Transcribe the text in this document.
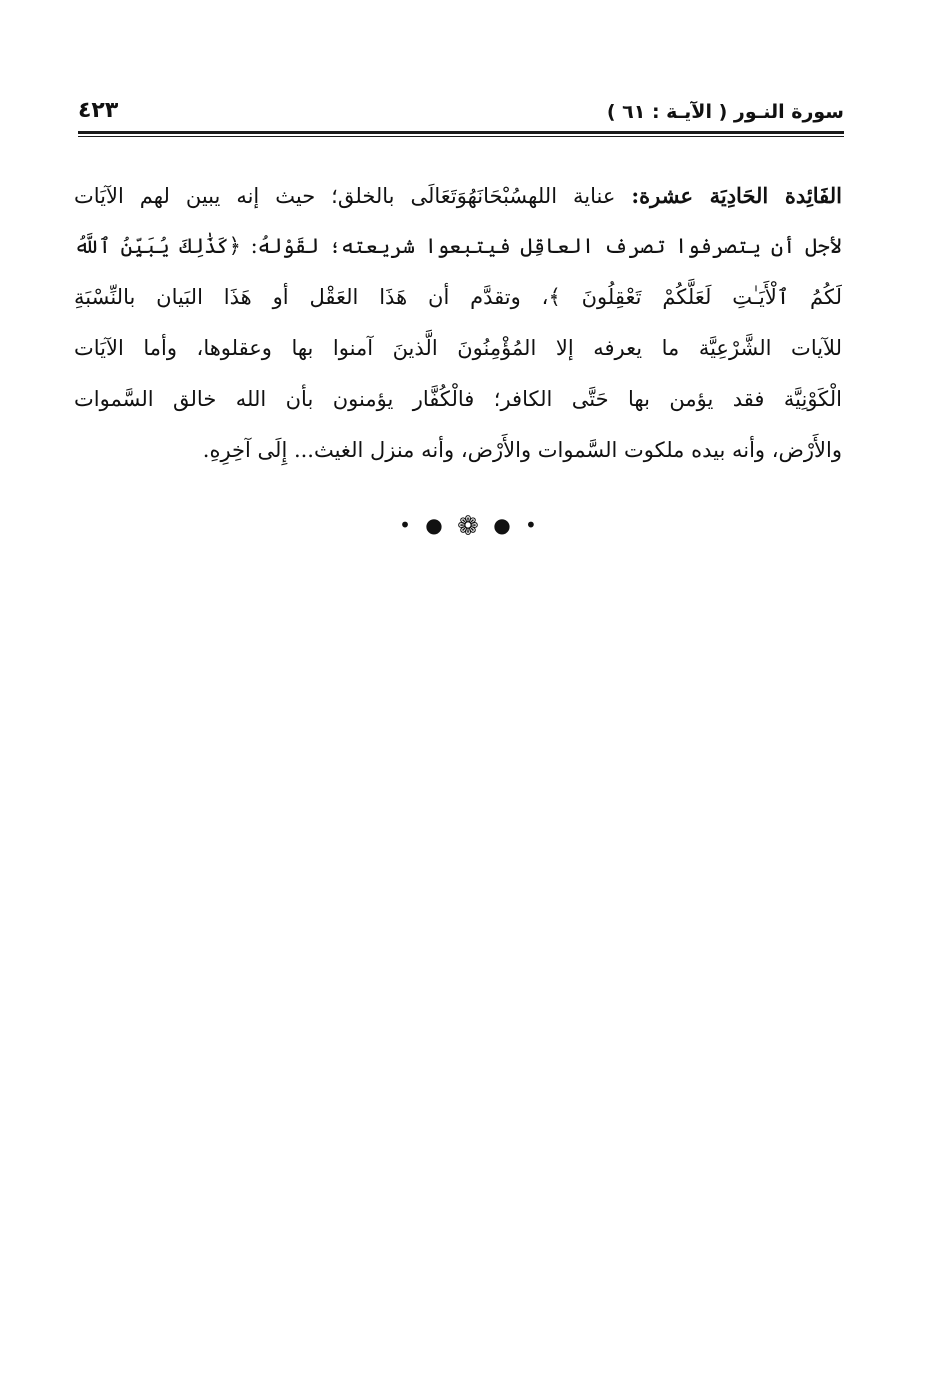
سورة النـور ( الآيـة : ٦١ )
٤٢٣
الفَائِدة الحَادِيَة عشرة: عناية اللهسُبْحَانَهُوَتَعَالَى بالخلق؛ حيث إنه يبين لهم الآيَات
لأجل أن يتصرفوا تصرف العاقِل فيتبعوا شريعته؛ لقَوْلهُ: ﴿كَذَٰلِكَ يُبَيِّنُ ٱللَّهُ
لَكُمُ ٱلْأَيَـٰتِ لَعَلَّكُمْ تَعْقِلُونَ ﴾، وتقدَّم أن هَذَا العَقْل أو هَذَا البَيان بالنِّسْبَةِ
للآيات الشَّرْعِيَّة ما يعرفه إلا المُؤْمِنُونَ الَّذينَ آمنوا بها وعقلوها، وأما الآيَات
الْكَوْنِيَّة فقد يؤمن بها حَتَّى الكافر؛ فالْكُفَّار يؤمنون بأن الله خالق السَّموات
والأَرْض، وأنه بيده ملكوت السَّموات والأَرْض، وأنه منزل الغيث... إِلَى آخِرِهِ.
• ● ❁ ● •
